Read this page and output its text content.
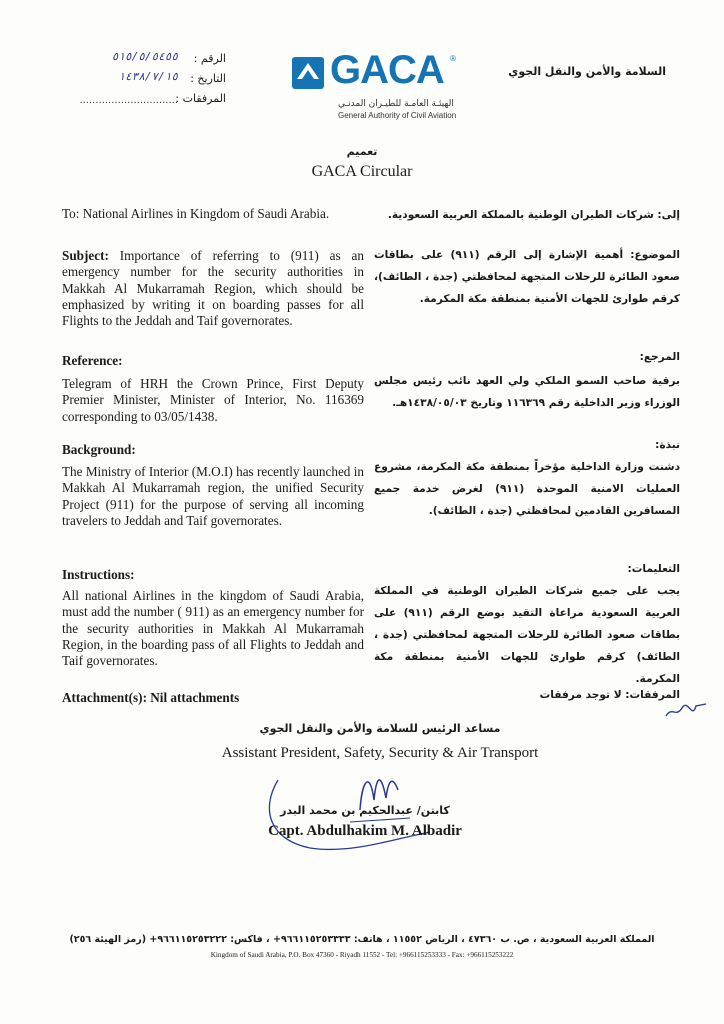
الرقم :
٥١٥/٥/٥٤٥٥
التاريخ :
١٤٣٨/٧/١٥
المرفقات :
...............................
GACA ®
الهيئـة العامـة للطيـران المدنـي
General Authority of Civil Aviation
السلامة والأمن والنقل الجوي
تعميم
GACA Circular
To: National Airlines in Kingdom of Saudi Arabia.
Subject: Importance of referring to (911) as an emergency number for the security authorities in Makkah Al Mukarramah Region, which should be emphasized by writing it on boarding passes for all Flights to the Jeddah and Taif governorates.
Reference:
Telegram of HRH the Crown Prince, First Deputy Premier Minister, Minister of Interior, No. 116369 corresponding to 03/05/1438.
Background:
The Ministry of Interior (M.O.I) has recently launched in Makkah Al Mukarramah region, the unified Security Project (911) for the purpose of serving all incoming travelers to Jeddah and Taif governorates.
Instructions:
All national Airlines in the kingdom of Saudi Arabia, must add the number ( 911) as an emergency number for the security authorities in Makkah Al Mukarramah Region, in the boarding pass of all Flights to Jeddah and Taif governorates.
Attachment(s): Nil attachments
إلى: شركات الطيران الوطنية بالمملكة العربية السعودية.
الموضوع: أهمية الإشارة إلى الرقم (٩١١) على بطاقات صعود الطائرة للرحلات المتجهة لمحافظتي (جدة ، الطائف)، كرقم طوارئ للجهات الأمنية بمنطقة مكة المكرمة.
المرجع:
برقية صاحب السمو الملكي ولي العهد نائب رئيس مجلس الوزراء وزير الداخلية رقم ١١٦٣٦٩ وتاريخ ١٤٣٨/٠٥/٠٣هـ.
نبذة:
دشنت وزارة الداخلية مؤخراً بمنطقة مكة المكرمة، مشروع العمليات الامنية الموحدة (٩١١) لغرض خدمة جميع المسافرين القادمين لمحافظتي (جدة ، الطائف).
التعليمات:
يجب على جميع شركات الطيران الوطنية في المملكة العربية السعودية مراعاة التقيد بوضع الرقم (٩١١) على بطاقات صعود الطائرة للرحلات المتجهة لمحافظتي (جدة ، الطائف) كرقم طوارئ للجهات الأمنية بمنطقة مكة المكرمة.
المرفقات: لا توجد مرفقات
مساعد الرئيس للسلامة والأمن والنقل الجوي
Assistant President, Safety, Security & Air Transport
كابتن/ عبدالحكيم بن محمد البدر
Capt. Abdulhakim M. Albadir
المملكة العربية السعودية ، ص. ب ٤٧٣٦٠ ، الرياض ١١٥٥٢ ، هاتف: ٩٦٦١١٥٢٥٣٣٣٣+ ، فاكس: ٩٦٦١١٥٢٥٣٢٢٢+ (رمز الهيئة ٢٥٦)
Kingdom of Saudi Arabia, P.O. Box 47360 - Riyadh 11552 - Tel: +966115253333 - Fax: +966115253222
